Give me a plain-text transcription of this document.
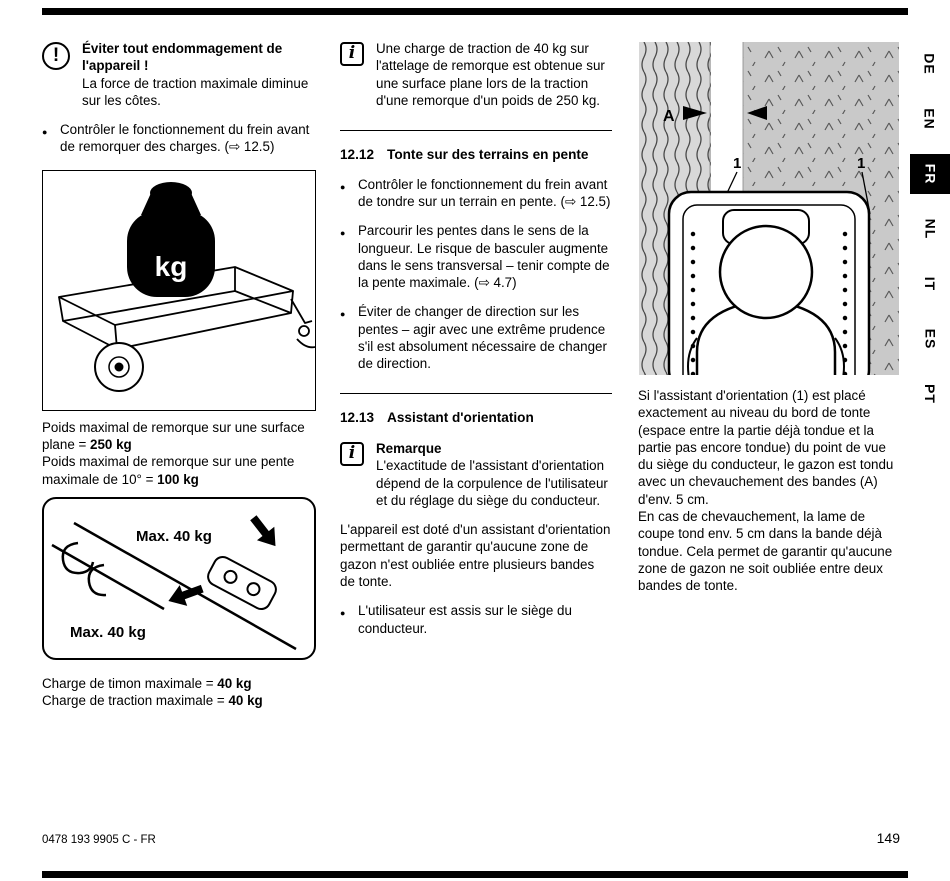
! Éviter tout endommagement de l'appareil !

La force de traction maximale diminue sur les côtes.

●
Contrôler le fonctionnement du frein avant de remorquer des charges. (⇨ 12.5)
kg

Poids maximal de remorque sur une surface plane = 250 kg

Poids maximal de remorque sur une pente maximale de 10° = 100 kg

Max. 40 kg
Max. 40 kg

Charge de timon maximale = 40 kg

Charge de traction maximale = 40 kg

i Une charge de traction de 40 kg sur l'attelage de remorque est obtenue sur une surface plane lors de la traction d'une remorque d'un poids de 250 kg.
12.12 Tonte sur des terrains en pente
●
Contrôler le fonctionnement du frein avant de tondre sur un terrain en pente. (⇨ 12.5)
●
Parcourir les pentes dans le sens de la longueur. Le risque de basculer augmente dans le sens transversal – tenir compte de la pente maximale. (⇨ 4.7)
●
Éviter de changer de direction sur les pentes – agir avec une extrême prudence s'il est absolument nécessaire de changer de direction.
12.13 Assistant d'orientation
i Remarque

L'exactitude de l'assistant d'orientation dépend de la corpulence de l'utilisateur et du réglage du siège du conducteur.

L'appareil est doté d'un assistant d'orientation permettant de garantir qu'aucune zone de gazon n'est oubliée entre plusieurs bandes de tonte.

●
L'utilisateur est assis sur le siège du conducteur.
A
1	1

Si l'assistant d'orientation (1) est placé exactement au niveau du bord de tonte (espace entre la partie déjà tondue et la partie pas encore tondue) du point de vue du siège du conducteur, le gazon est tondu avec un chevauchement des bandes (A) d'env. 5 cm.

En cas de chevauchement, la lame de coupe tond env. 5 cm dans la bande déjà tondue. Cela permet de garantir qu'aucune zone de gazon ne soit oubliée entre deux bandes de tonte.

DE
EN
FR
NL
IT
ES
PT
0478 193 9905 C - FR	149
